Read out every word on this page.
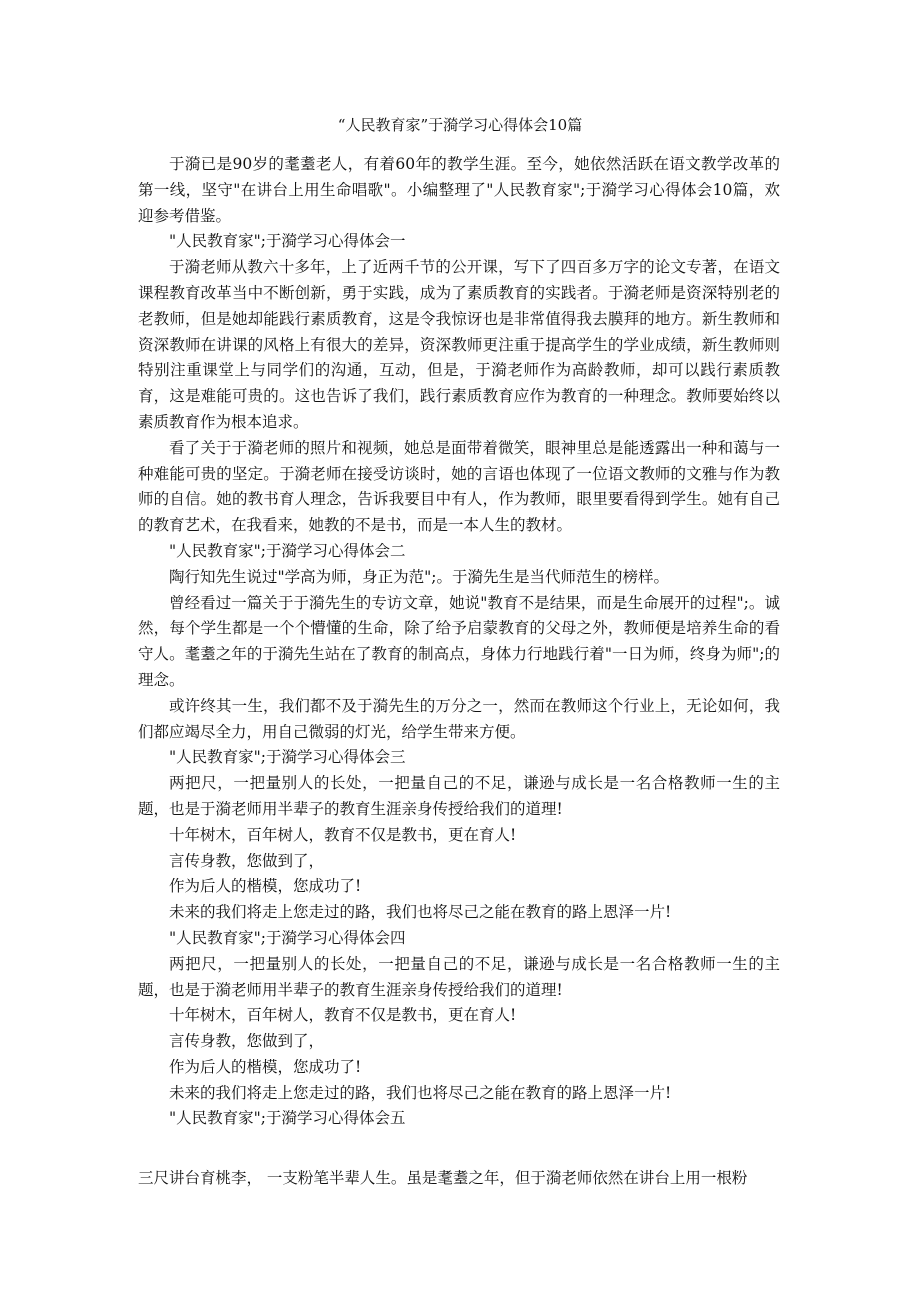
“人民教育家”于漪学习心得体会10篇

于漪已是90岁的耄耋老人，有着60年的教学生涯。至今，她依然活跃在语文教学改革的第一线，坚守"在讲台上用生命唱歌"。小编整理了"人民教育家";于漪学习心得体会10篇，欢迎参考借鉴。

"人民教育家";于漪学习心得体会一

于漪老师从教六十多年，上了近两千节的公开课，写下了四百多万字的论文专著，在语文课程教育改革当中不断创新，勇于实践，成为了素质教育的实践者。于漪老师是资深特别老的老教师，但是她却能践行素质教育，这是令我惊讶也是非常值得我去膜拜的地方。新生教师和资深教师在讲课的风格上有很大的差异，资深教师更注重于提高学生的学业成绩，新生教师则特别注重课堂上与同学们的沟通，互动，但是，于漪老师作为高龄教师，却可以践行素质教育，这是难能可贵的。这也告诉了我们，践行素质教育应作为教育的一种理念。教师要始终以素质教育作为根本追求。

看了关于于漪老师的照片和视频，她总是面带着微笑，眼神里总是能透露出一种和蔼与一种难能可贵的坚定。于漪老师在接受访谈时，她的言语也体现了一位语文教师的文雅与作为教师的自信。她的教书育人理念，告诉我要目中有人，作为教师，眼里要看得到学生。她有自己的教育艺术，在我看来，她教的不是书，而是一本人生的教材。

"人民教育家";于漪学习心得体会二

陶行知先生说过"学高为师，身正为范";。于漪先生是当代师范生的榜样。

曾经看过一篇关于于漪先生的专访文章，她说"教育不是结果，而是生命展开的过程";。诚然，每个学生都是一个个懵懂的生命，除了给予启蒙教育的父母之外，教师便是培养生命的看守人。耄耋之年的于漪先生站在了教育的制高点，身体力行地践行着"一日为师，终身为师";的理念。

或许终其一生，我们都不及于漪先生的万分之一，然而在教师这个行业上，无论如何，我们都应竭尽全力，用自己微弱的灯光，给学生带来方便。

"人民教育家";于漪学习心得体会三

两把尺，一把量别人的长处，一把量自己的不足，谦逊与成长是一名合格教师一生的主题，也是于漪老师用半辈子的教育生涯亲身传授给我们的道理!

十年树木，百年树人，教育不仅是教书，更在育人!

言传身教，您做到了，

作为后人的楷模，您成功了!

未来的我们将走上您走过的路，我们也将尽己之能在教育的路上恩泽一片!

"人民教育家";于漪学习心得体会四

两把尺，一把量别人的长处，一把量自己的不足，谦逊与成长是一名合格教师一生的主题，也是于漪老师用半辈子的教育生涯亲身传授给我们的道理!

十年树木，百年树人，教育不仅是教书，更在育人!

言传身教，您做到了，

作为后人的楷模，您成功了!

未来的我们将走上您走过的路，我们也将尽己之能在教育的路上恩泽一片!

"人民教育家";于漪学习心得体会五

三尺讲台育桃李， 一支粉笔半辈人生。虽是耄耋之年，但于漪老师依然在讲台上用一根粉
